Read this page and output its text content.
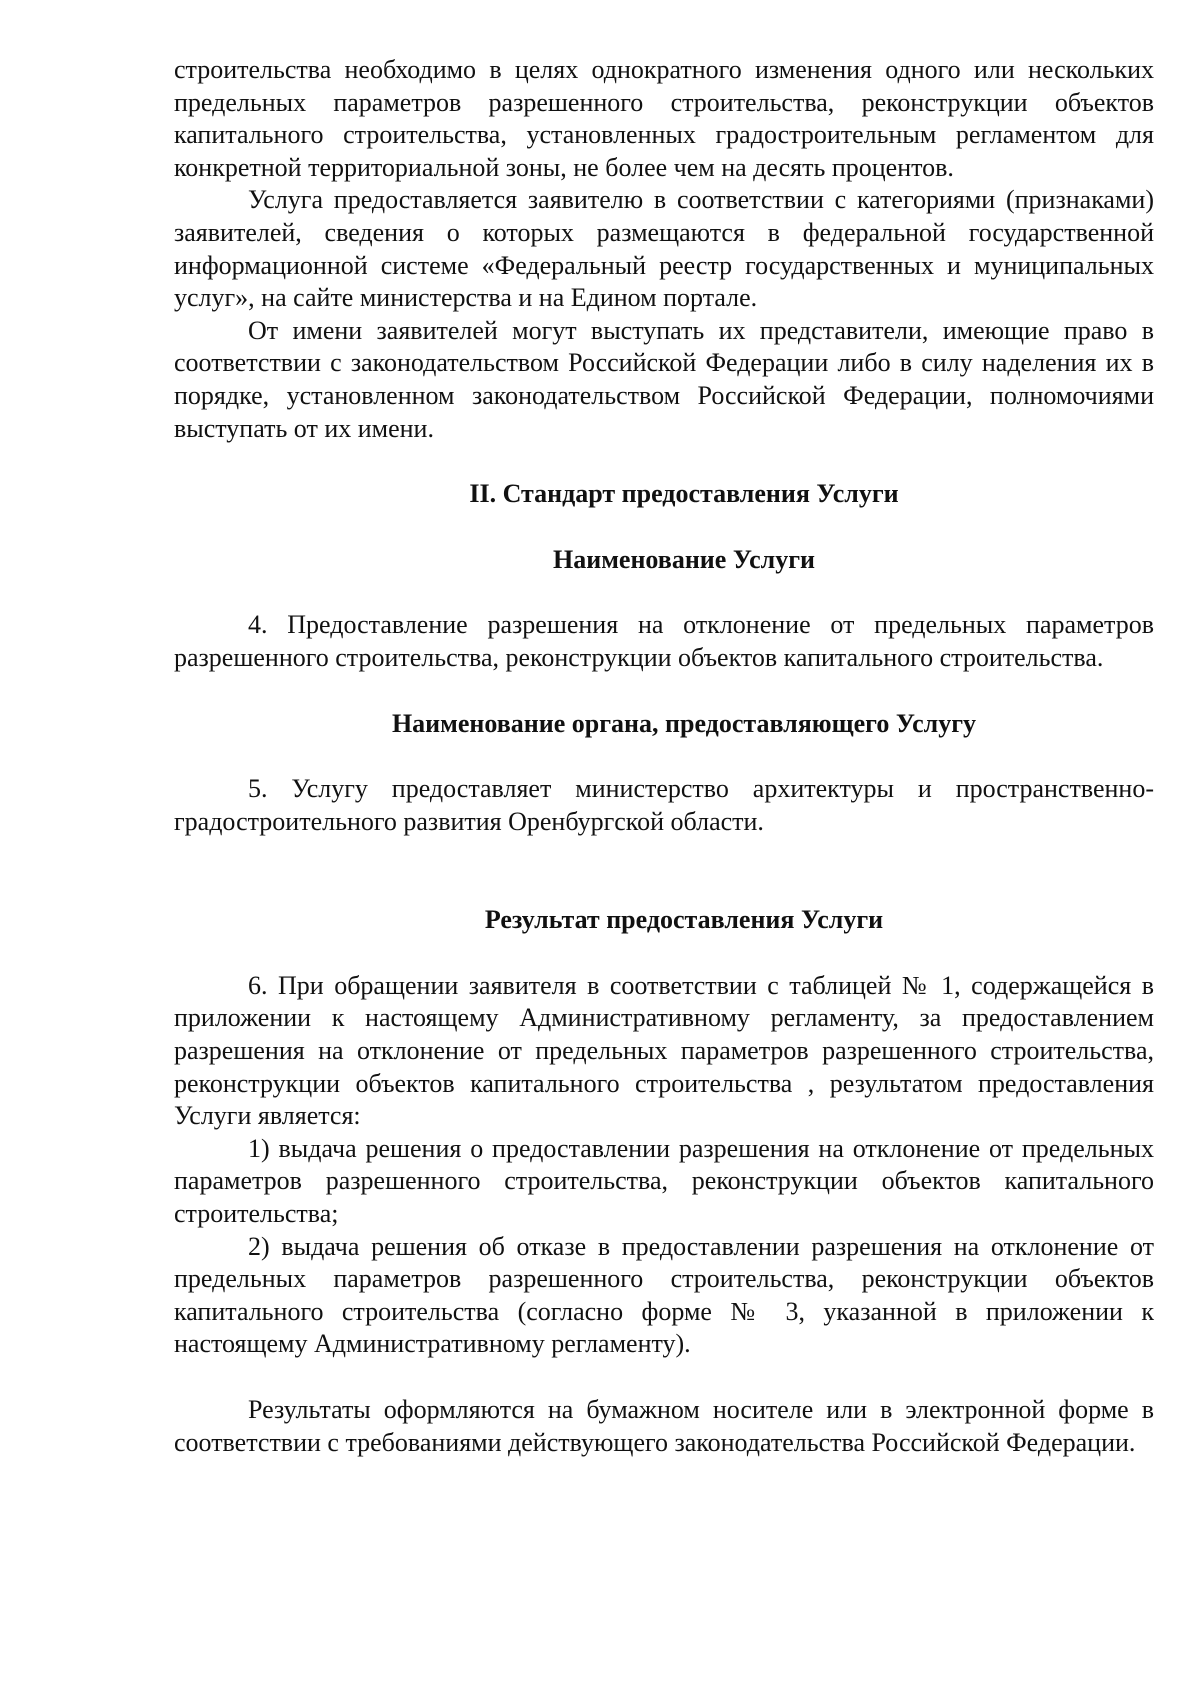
строительства необходимо в целях однократного изменения одного или нескольких предельных параметров разрешенного строительства, реконструкции объектов капитального строительства, установленных градостроительным регламентом для конкретной территориальной зоны, не более чем на десять процентов.

Услуга предоставляется заявителю в соответствии с категориями (признаками) заявителей, сведения о которых размещаются в федеральной государственной информационной системе «Федеральный реестр государственных и муниципальных услуг», на сайте министерства и на Едином портале.

От имени заявителей могут выступать их представители, имеющие право в соответствии с законодательством Российской Федерации либо в силу наделения их в порядке, установленном законодательством Российской Федерации, полномочиями выступать от их имени.

II. Стандарт предоставления Услуги

Наименование Услуги

4. Предоставление разрешения на отклонение от предельных параметров разрешенного строительства, реконструкции объектов капитального строительства.

Наименование органа, предоставляющего Услугу

5. Услугу предоставляет министерство архитектуры и пространственно-градостроительного развития Оренбургской области.

Результат предоставления Услуги

6. При обращении заявителя в соответствии с таблицей № 1, содержащейся в приложении к настоящему Административному регламенту, за предоставлением разрешения на отклонение от предельных параметров разрешенного строительства, реконструкции объектов капитального строительства , результатом предоставления Услуги является:

1) выдача решения о предоставлении разрешения на отклонение от предельных параметров разрешенного строительства, реконструкции объектов капитального строительства;

2) выдача решения об отказе в предоставлении разрешения на отклонение от предельных параметров разрешенного строительства, реконструкции объектов капитального строительства (согласно форме № 3, указанной в приложении к настоящему Административному регламенту).

Результаты оформляются на бумажном носителе или в электронной форме в соответствии с требованиями действующего законодательства Российской Федерации.
